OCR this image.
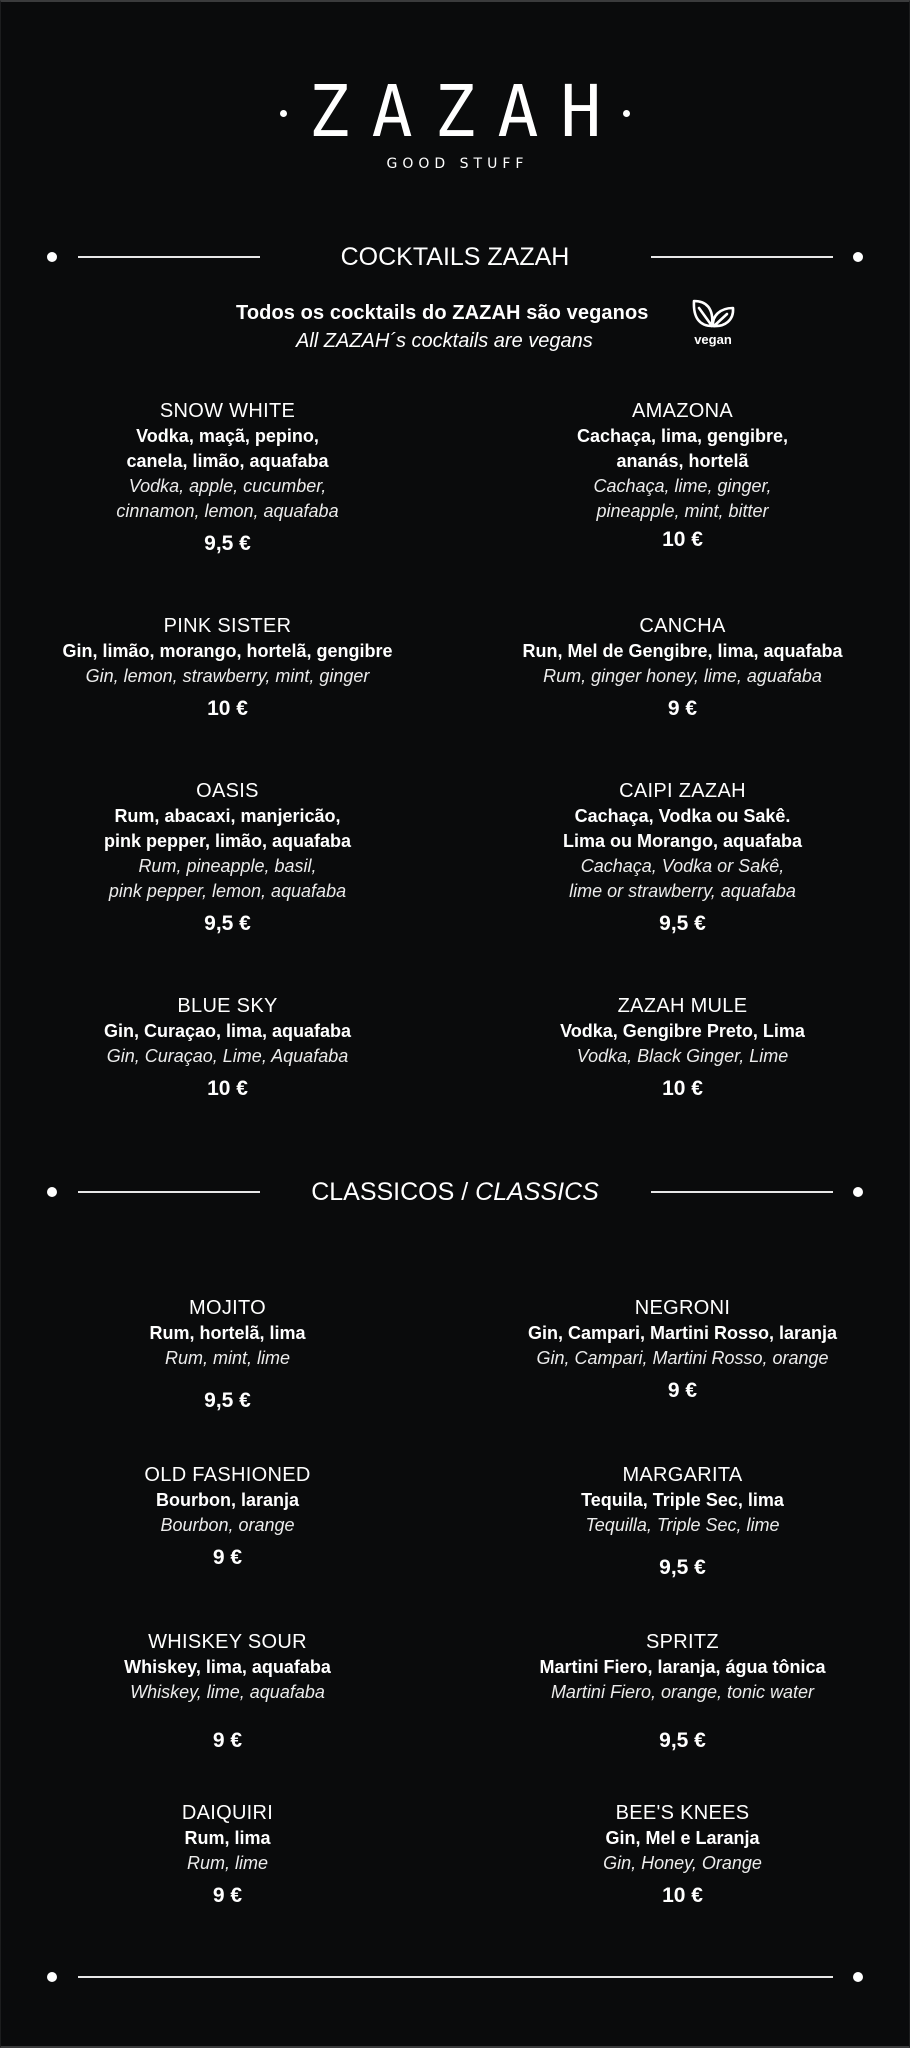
ZAZAH
GOOD STUFF
COCKTAILS ZAZAH
Todos os cocktails do ZAZAH são veganos
All ZAZAH´s cocktails are vegans	vegan
SNOW WHITE
Vodka, maçã, pepino,
canela, limão, aquafaba
Vodka, apple, cucumber,
cinnamon, lemon, aquafaba
9,5 €
AMAZONA
Cachaça, lima, gengibre,
ananás, hortelã
Cachaça, lime, ginger,
pineapple, mint, bitter
10 €
PINK SISTER
Gin, limão, morango, hortelã, gengibre
Gin, lemon, strawberry, mint, ginger
10 €
CANCHA
Run, Mel de Gengibre, lima, aquafaba
Rum, ginger honey, lime, aguafaba
9 €
OASIS
Rum, abacaxi, manjericão,
pink pepper, limão, aquafaba
Rum, pineapple, basil,
pink pepper, lemon, aquafaba
9,5 €
CAIPI ZAZAH
Cachaça, Vodka ou Sakê.
Lima ou Morango, aquafaba
Cachaça, Vodka or Sakê,
lime or strawberry, aquafaba
9,5 €
BLUE SKY
Gin, Curaçao, lima, aquafaba
Gin, Curaçao, Lime, Aquafaba
10 €
ZAZAH MULE
Vodka, Gengibre Preto, Lima
Vodka, Black Ginger, Lime
10 €
CLASSICOS / CLASSICS
MOJITO
Rum, hortelã, lima
Rum, mint, lime
9,5 €
NEGRONI
Gin, Campari, Martini Rosso, laranja
Gin, Campari, Martini Rosso, orange
9 €
OLD FASHIONED
Bourbon, laranja
Bourbon, orange
9 €
MARGARITA
Tequila, Triple Sec, lima
Tequilla, Triple Sec, lime
9,5 €
WHISKEY SOUR
Whiskey, lima, aquafaba
Whiskey, lime, aquafaba
9 €
SPRITZ
Martini Fiero, laranja, água tônica
Martini Fiero, orange, tonic water
9,5 €
DAIQUIRI
Rum, lima
Rum, lime
9 €
BEE'S KNEES
Gin, Mel e Laranja
Gin, Honey, Orange
10 €
